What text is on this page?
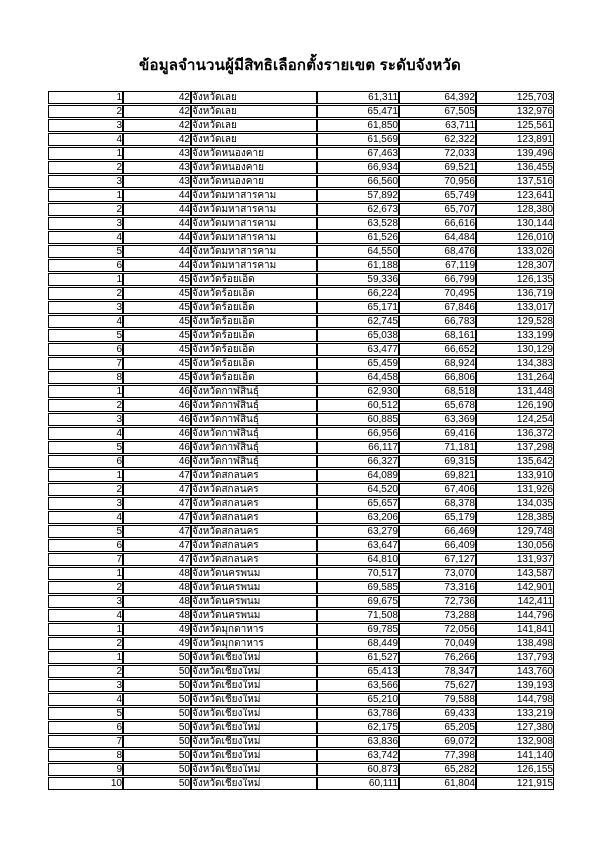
ข้อมูลจำนวนผู้มีสิทธิเลือกตั้งรายเขต ระดับจังหวัด
1	42	จังหวัดเลย	61,311	64,392	125,703
2	42	จังหวัดเลย	65,471	67,505	132,976
3	42	จังหวัดเลย	61,850	63,711	125,561
4	42	จังหวัดเลย	61,569	62,322	123,891
1	43	จังหวัดหนองคาย	67,463	72,033	139,496
2	43	จังหวัดหนองคาย	66,934	69,521	136,455
3	43	จังหวัดหนองคาย	66,560	70,956	137,516
1	44	จังหวัดมหาสารคาม	57,892	65,749	123,641
2	44	จังหวัดมหาสารคาม	62,673	65,707	128,380
3	44	จังหวัดมหาสารคาม	63,528	66,616	130,144
4	44	จังหวัดมหาสารคาม	61,526	64,484	126,010
5	44	จังหวัดมหาสารคาม	64,550	68,476	133,026
6	44	จังหวัดมหาสารคาม	61,188	67,119	128,307
1	45	จังหวัดร้อยเอ็ด	59,336	66,799	126,135
2	45	จังหวัดร้อยเอ็ด	66,224	70,495	136,719
3	45	จังหวัดร้อยเอ็ด	65,171	67,846	133,017
4	45	จังหวัดร้อยเอ็ด	62,745	66,783	129,528
5	45	จังหวัดร้อยเอ็ด	65,038	68,161	133,199
6	45	จังหวัดร้อยเอ็ด	63,477	66,652	130,129
7	45	จังหวัดร้อยเอ็ด	65,459	68,924	134,383
8	45	จังหวัดร้อยเอ็ด	64,458	66,806	131,264
1	46	จังหวัดกาฬสินธุ์	62,930	68,518	131,448
2	46	จังหวัดกาฬสินธุ์	60,512	65,678	126,190
3	46	จังหวัดกาฬสินธุ์	60,885	63,369	124,254
4	46	จังหวัดกาฬสินธุ์	66,956	69,416	136,372
5	46	จังหวัดกาฬสินธุ์	66,117	71,181	137,298
6	46	จังหวัดกาฬสินธุ์	66,327	69,315	135,642
1	47	จังหวัดสกลนคร	64,089	69,821	133,910
2	47	จังหวัดสกลนคร	64,520	67,406	131,926
3	47	จังหวัดสกลนคร	65,657	68,378	134,035
4	47	จังหวัดสกลนคร	63,206	65,179	128,385
5	47	จังหวัดสกลนคร	63,279	66,469	129,748
6	47	จังหวัดสกลนคร	63,647	66,409	130,056
7	47	จังหวัดสกลนคร	64,810	67,127	131,937
1	48	จังหวัดนครพนม	70,517	73,070	143,587
2	48	จังหวัดนครพนม	69,585	73,316	142,901
3	48	จังหวัดนครพนม	69,675	72,736	142,411
4	48	จังหวัดนครพนม	71,508	73,288	144,796
1	49	จังหวัดมุกดาหาร	69,785	72,056	141,841
2	49	จังหวัดมุกดาหาร	68,449	70,049	138,498
1	50	จังหวัดเชียงใหม่	61,527	76,266	137,793
2	50	จังหวัดเชียงใหม่	65,413	78,347	143,760
3	50	จังหวัดเชียงใหม่	63,566	75,627	139,193
4	50	จังหวัดเชียงใหม่	65,210	79,588	144,798
5	50	จังหวัดเชียงใหม่	63,786	69,433	133,219
6	50	จังหวัดเชียงใหม่	62,175	65,205	127,380
7	50	จังหวัดเชียงใหม่	63,836	69,072	132,908
8	50	จังหวัดเชียงใหม่	63,742	77,398	141,140
9	50	จังหวัดเชียงใหม่	60,873	65,282	126,155
10	50	จังหวัดเชียงใหม่	60,111	61,804	121,915
